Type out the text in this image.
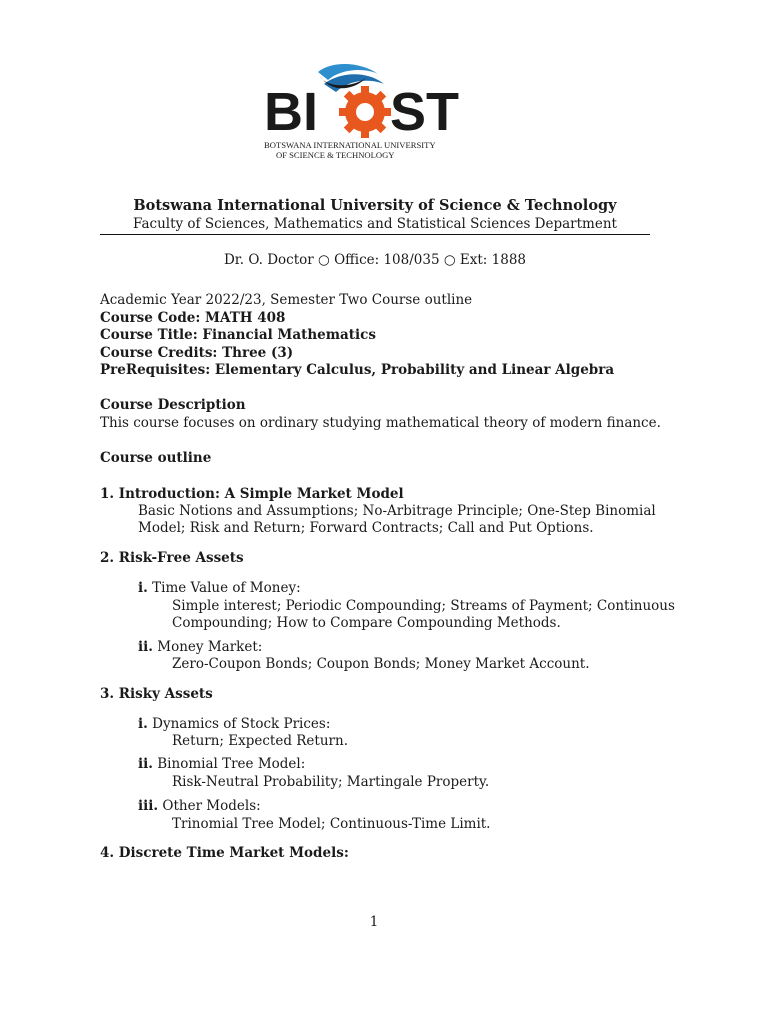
BI ST
BOTSWANA INTERNATIONAL UNIVERSITY
OF SCIENCE & TECHNOLOGY
Botswana International University of Science & Technology
Faculty of Sciences, Mathematics and Statistical Sciences Department
Dr. O. Doctor ○ Office: 108/035 ○ Ext: 1888
Academic Year 2022/23, Semester Two Course outline
Course Code: MATH 408
Course Title: Financial Mathematics
Course Credits: Three (3)
PreRequisites: Elementary Calculus, Probability and Linear Algebra
Course Description
This course focuses on ordinary studying mathematical theory of modern finance.
Course outline
1. Introduction: A Simple Market Model
Basic Notions and Assumptions; No-Arbitrage Principle; One-Step Binomial
Model; Risk and Return; Forward Contracts; Call and Put Options.
2. Risk-Free Assets
i. Time Value of Money:
Simple interest; Periodic Compounding; Streams of Payment; Continuous
Compounding; How to Compare Compounding Methods.
ii. Money Market:
Zero-Coupon Bonds; Coupon Bonds; Money Market Account.
3. Risky Assets
i. Dynamics of Stock Prices:
Return; Expected Return.
ii. Binomial Tree Model:
Risk-Neutral Probability; Martingale Property.
iii. Other Models:
Trinomial Tree Model; Continuous-Time Limit.
4. Discrete Time Market Models:
1
